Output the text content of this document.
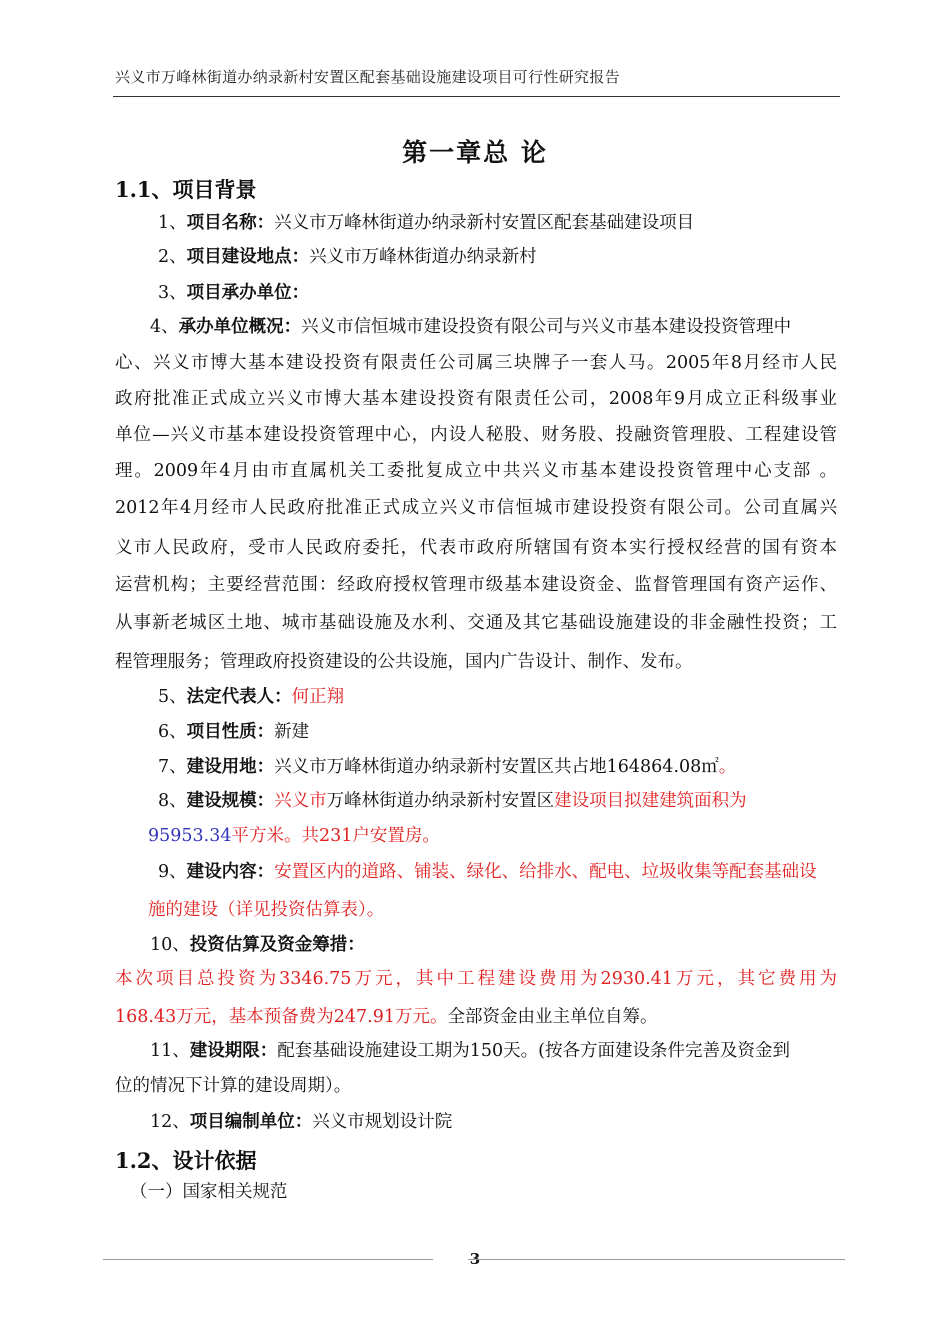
兴义市万峰林街道办纳录新村安置区配套基础设施建设项目可行性研究报告
第一章总 论
1.1、项目背景
1、项目名称：兴义市万峰林街道办纳录新村安置区配套基础建设项目
2、项目建设地点：兴义市万峰林街道办纳录新村
3、项目承办单位：
4、承办单位概况：兴义市信恒城市建设投资有限公司与兴义市基本建设投资管理中
心、兴义市博大基本建设投资有限责任公司属三块牌子一套人马。2005年8月经市人民
政府批准正式成立兴义市博大基本建设投资有限责任公司，2008年9月成立正科级事业
单位—兴义市基本建设投资管理中心，内设人秘股、财务股、投融资管理股、工程建设管
理。2009年4月由市直属机关工委批复成立中共兴义市基本建设投资管理中心支部 。
2012年4月经市人民政府批准正式成立兴义市信恒城市建设投资有限公司。公司直属兴
义市人民政府，受市人民政府委托，代表市政府所辖国有资本实行授权经营的国有资本
运营机构；主要经营范围：经政府授权管理市级基本建设资金、监督管理国有资产运作、
从事新老城区土地、城市基础设施及水利、交通及其它基础设施建设的非金融性投资；工
程管理服务；管理政府投资建设的公共设施，国内广告设计、制作、发布。
5、法定代表人：何正翔
6、项目性质：新建
7、建设用地：兴义市万峰林街道办纳录新村安置区共占地164864.08㎡。
8、建设规模：兴义市万峰林街道办纳录新村安置区建设项目拟建建筑面积为
95953.34平方米。共231户安置房。
9、建设内容：安置区内的道路、铺装、绿化、给排水、配电、垃圾收集等配套基础设
施的建设（详见投资估算表）。
10、投资估算及资金筹措：
本次项目总投资为3346.75万元，其中工程建设费用为2930.41万元，其它费用为
168.43万元，基本预备费为247.91万元。全部资金由业主单位自筹。
11、建设期限：配套基础设施建设工期为150天。(按各方面建设条件完善及资金到
位的情况下计算的建设周期）。
12、项目编制单位：兴义市规划设计院
1.2、设计依据
（一）国家相关规范
3
